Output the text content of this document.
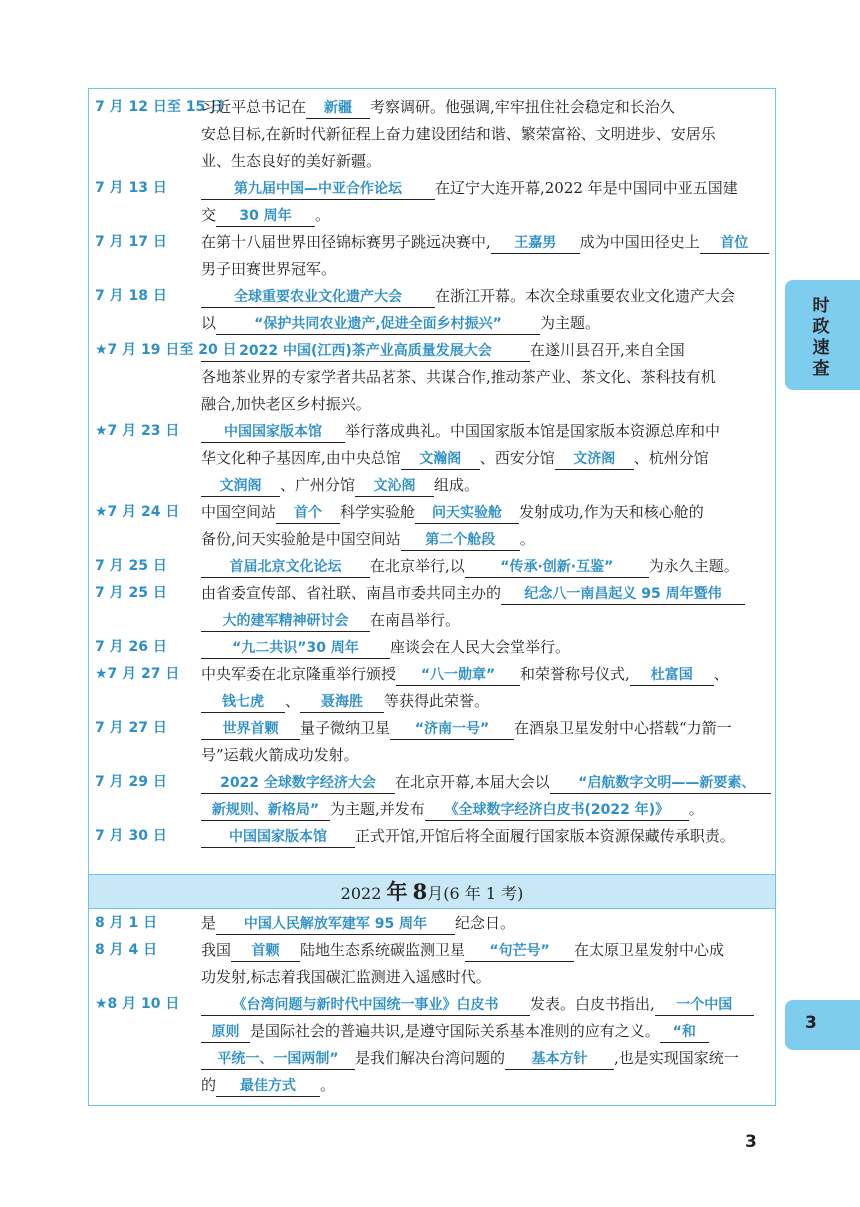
7 月 12 日至 15 日
习近平总书记在 新疆 考察调研。他强调,牢牢扭住社会稳定和长治久
安总目标,在新时代新征程上奋力建设团结和谐、繁荣富裕、文明进步、安居乐
业、生态良好的美好新疆。
7 月 13 日	第九届中国—中亚合作论坛 在辽宁大连开幕,2022 年是中国同中亚五国建
交 30 周年 。
7 月 17 日 在第十八届世界田径锦标赛男子跳远决赛中, 王嘉男 成为中国田径史上 首位
男子田赛世界冠军。
7 月 18 日	全球重要农业文化遗产大会 在浙江开幕。本次全球重要农业文化遗产大会
以	“保护共同农业遗产,促进全面乡村振兴”	为主题。
★7 月 19 日至 20 日 2022 中国(江西)茶产业高质量发展大会	在遂川县召开,来自全国
各地茶业界的专家学者共品茗茶、共谋合作,推动茶产业、茶文化、茶科技有机
融合,加快老区乡村振兴。
★7 月 23 日	中国国家版本馆 举行落成典礼。中国国家版本馆是国家版本资源总库和中
华文化种子基因库,由中央总馆 文瀚阁 、西安分馆 文济阁 、杭州分馆
文润阁 、广州分馆 文沁阁 组成。
★7 月 24 日 中国空间站 首个 科学实验舱 问天实验舱 发射成功,作为天和核心舱的
备份,问天实验舱是中国空间站 第二个舱段 。
7 月 25 日	首届北京文化论坛 在北京举行,以	“传承·创新·互鉴” 为永久主题。
7 月 25 日 由省委宣传部、省社联、南昌市委共同主办的 纪念八一南昌起义 95 周年暨伟
大的建军精神研讨会 在南昌举行。
7 月 26 日	“九二共识”30 周年 座谈会在人民大会堂举行。
★7 月 27 日 中央军委在北京隆重举行颁授 “八一勋章” 和荣誉称号仪式, 杜富国 、
钱七虎 、 聂海胜 等获得此荣誉。
7 月 27 日	世界首颗 量子微纳卫星 “济南一号” 在酒泉卫星发射中心搭载“力箭一
号”运载火箭成功发射。
7 月 29 日	2022 全球数字经济大会 在北京开幕,本届大会以 “启航数字文明——新要素、
新规则、新格局” 为主题,并发布 《全球数字经济白皮书(2022 年)》 。
7 月 30 日	中国国家版本馆 正式开馆,开馆后将全面履行国家版本资源保藏传承职责。
2022 年 8月(6 年 1 考)
8 月 1 日	是 中国人民解放军建军 95 周年 纪念日。
8 月 4 日	我国 首颗 陆地生态系统碳监测卫星 “句芒号” 在太原卫星发射中心成
功发射,标志着我国碳汇监测进入遥感时代。
★8 月 10 日	《台湾问题与新时代中国统一事业》白皮书 发表。白皮书指出, 一个中国
原则 是国际社会的普遍共识,是遵守国际关系基本准则的应有之义。 “和
平统一、一国两制” 是我们解决台湾问题的 基本方针 ,也是实现国家统一
的 最佳方式 。
时
政
速
查
3
3
